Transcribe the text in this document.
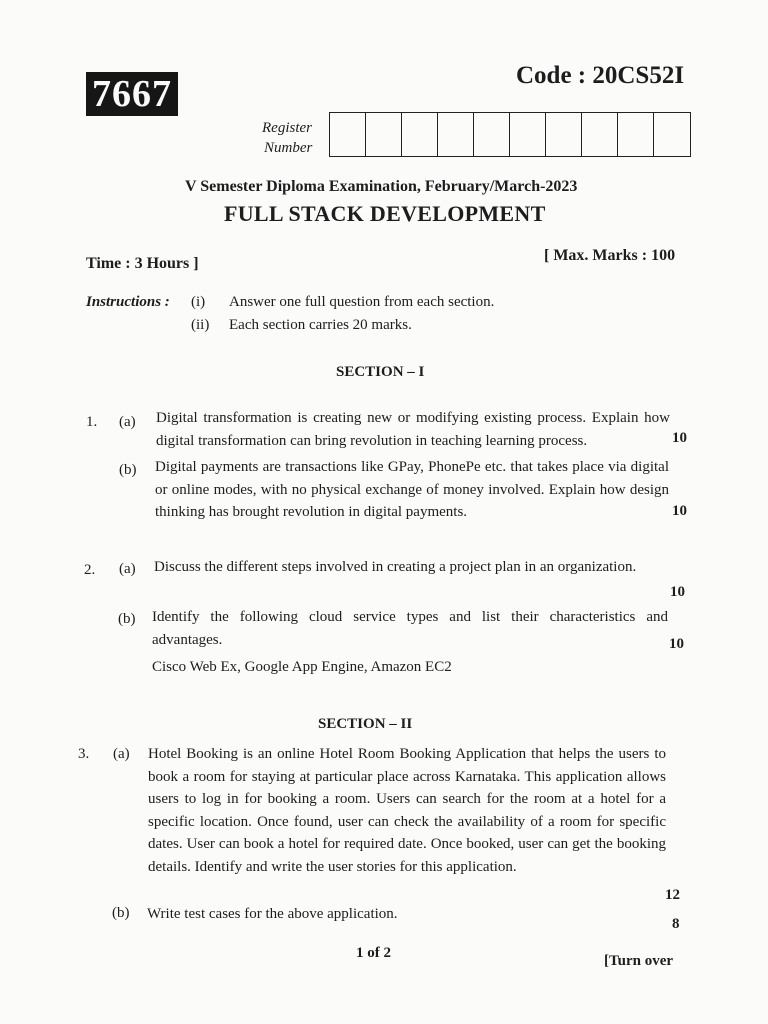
7667	Code : 20CS52I
Register
Number
V Semester Diploma Examination, February/March-2023
FULL STACK DEVELOPMENT
Time : 3 Hours ]	[ Max. Marks : 100
Instructions : (i) Answer one full question from each section.
(ii) Each section carries 20 marks.
SECTION – I
1. (a) Digital transformation is creating new or modifying existing process. Explain how digital transformation can bring revolution in teaching learning process.	10
(b) Digital payments are transactions like GPay, PhonePe etc. that takes place via digital or online modes, with no physical exchange of money involved. Explain how design thinking has brought revolution in digital payments.	10
2. (a) Discuss the different steps involved in creating a project plan in an organization.
10
(b) Identify the following cloud service types and list their characteristics and advantages.	10
Cisco Web Ex, Google App Engine, Amazon EC2
SECTION – II
3. (a) Hotel Booking is an online Hotel Room Booking Application that helps the users to book a room for staying at particular place across Karnataka. This application allows users to log in for booking a room. Users can search for the room at a hotel for a specific location. Once found, user can check the availability of a room for specific dates. User can book a hotel for required date. Once booked, user can get the booking details. Identify and write the user stories for this application.
12
(b) Write test cases for the above application.
8
1 of 2	[Turn over
